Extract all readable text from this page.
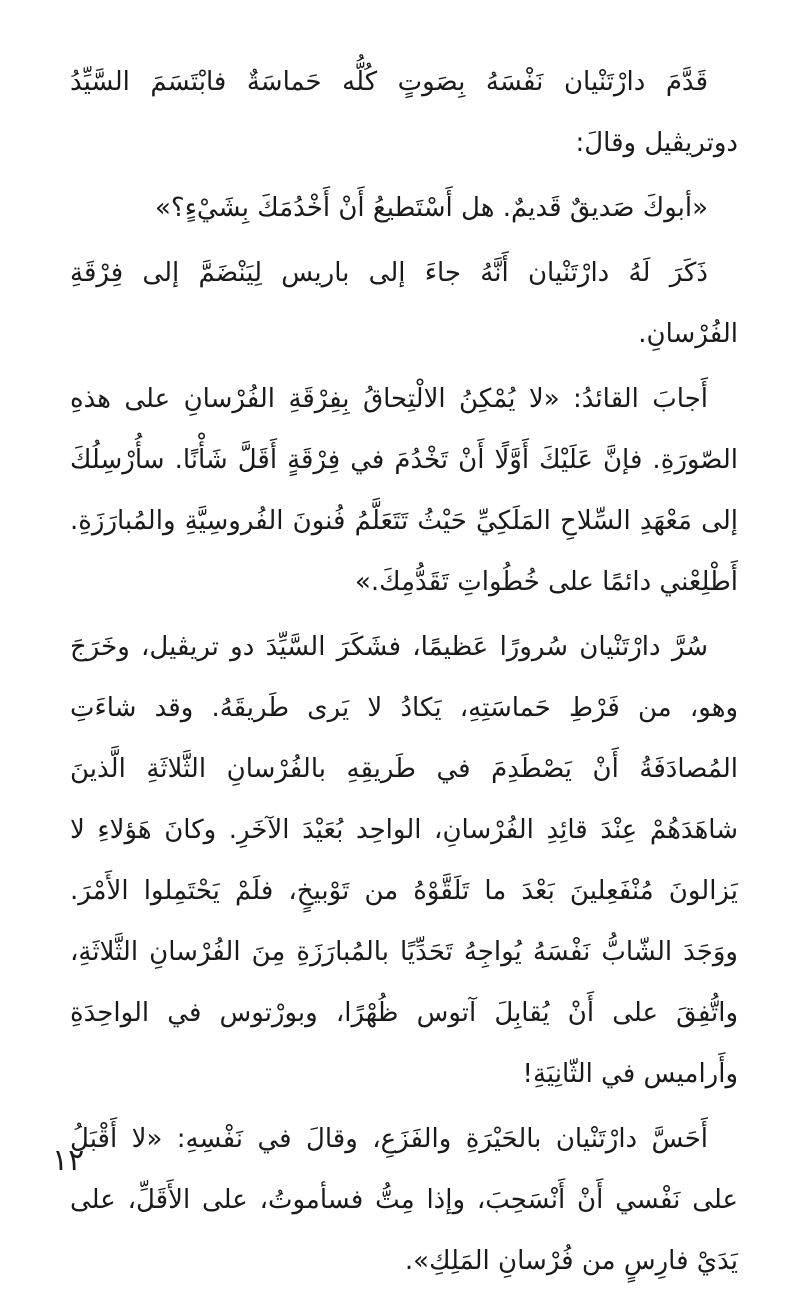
قَدَّمَ دارْتَنْيان نَفْسَهُ بِصَوتٍ كُلُّه حَماسَةٌ فابْتَسَمَ السَّيِّدُ دوتريڤيل وقالَ:

«أبوكَ صَديقٌ قَديمٌ. هل أَسْتَطيعُ أَنْ أَخْدُمَكَ بِشَيْءٍ؟»

ذَكَرَ لَهُ دارْتَنْيان أَنَّهُ جاءَ إلى باريس لِيَنْضَمَّ إلى فِرْقَةِ الفُرْسانِ.

أَجابَ القائدُ: «لا يُمْكِنُ الالْتِحاقُ بِفِرْقَةِ الفُرْسانِ على هذهِ الصّورَةِ. فإنَّ عَلَيْكَ أَوَّلًا أَنْ تَخْدُمَ في فِرْقَةٍ أَقَلَّ شَأْنًا. سأُرْسِلُكَ إلى مَعْهَدِ السِّلاحِ المَلَكِيِّ حَيْثُ تَتَعَلَّمُ فُنونَ الفُروسِيَّةِ والمُبارَزَةِ. أَطْلِعْني دائمًا على خُطُواتِ تَقَدُّمِكَ.»

سُرَّ دارْتَنْيان سُرورًا عَظيمًا، فشَكَرَ السَّيِّدَ دو تريڤيل، وخَرَجَ وهو، من فَرْطِ حَماسَتِهِ، يَكادُ لا يَرى طَريقَهُ. وقد شاءَتِ المُصادَفَةُ أَنْ يَصْطَدِمَ في طَريقِهِ بالفُرْسانِ الثَّلاثَةِ الَّذينَ شاهَدَهُمْ عِنْدَ قائِدِ الفُرْسانِ، الواحِد بُعَيْدَ الآخَرِ. وكانَ هَؤلاءِ لا يَزالونَ مُنْفَعِلينَ بَعْدَ ما تَلَقَّوْهُ من تَوْبيخٍ، فلَمْ يَحْتَمِلوا الأَمْرَ. ووَجَدَ الشّابُّ نَفْسَهُ يُواجِهُ تَحَدِّيًا بالمُبارَزَةِ مِنَ الفُرْسانِ الثَّلاثَةِ، واتُّفِقَ على أَنْ يُقابِلَ آتوس ظُهْرًا، وبورْتوس في الواحِدَةِ وأَراميس في الثّانِيَةِ!

أَحَسَّ دارْتَنْيان بالحَيْرَةِ والفَزَعِ، وقالَ في نَفْسِهِ: «لا أَقْبَلُ على نَفْسي أَنْ أَنْسَحِبَ، وإذا مِتُّ فسأموتُ، على الأَقَلِّ، على يَدَيْ فارِسٍ من فُرْسانِ المَلِكِ».

١٢
